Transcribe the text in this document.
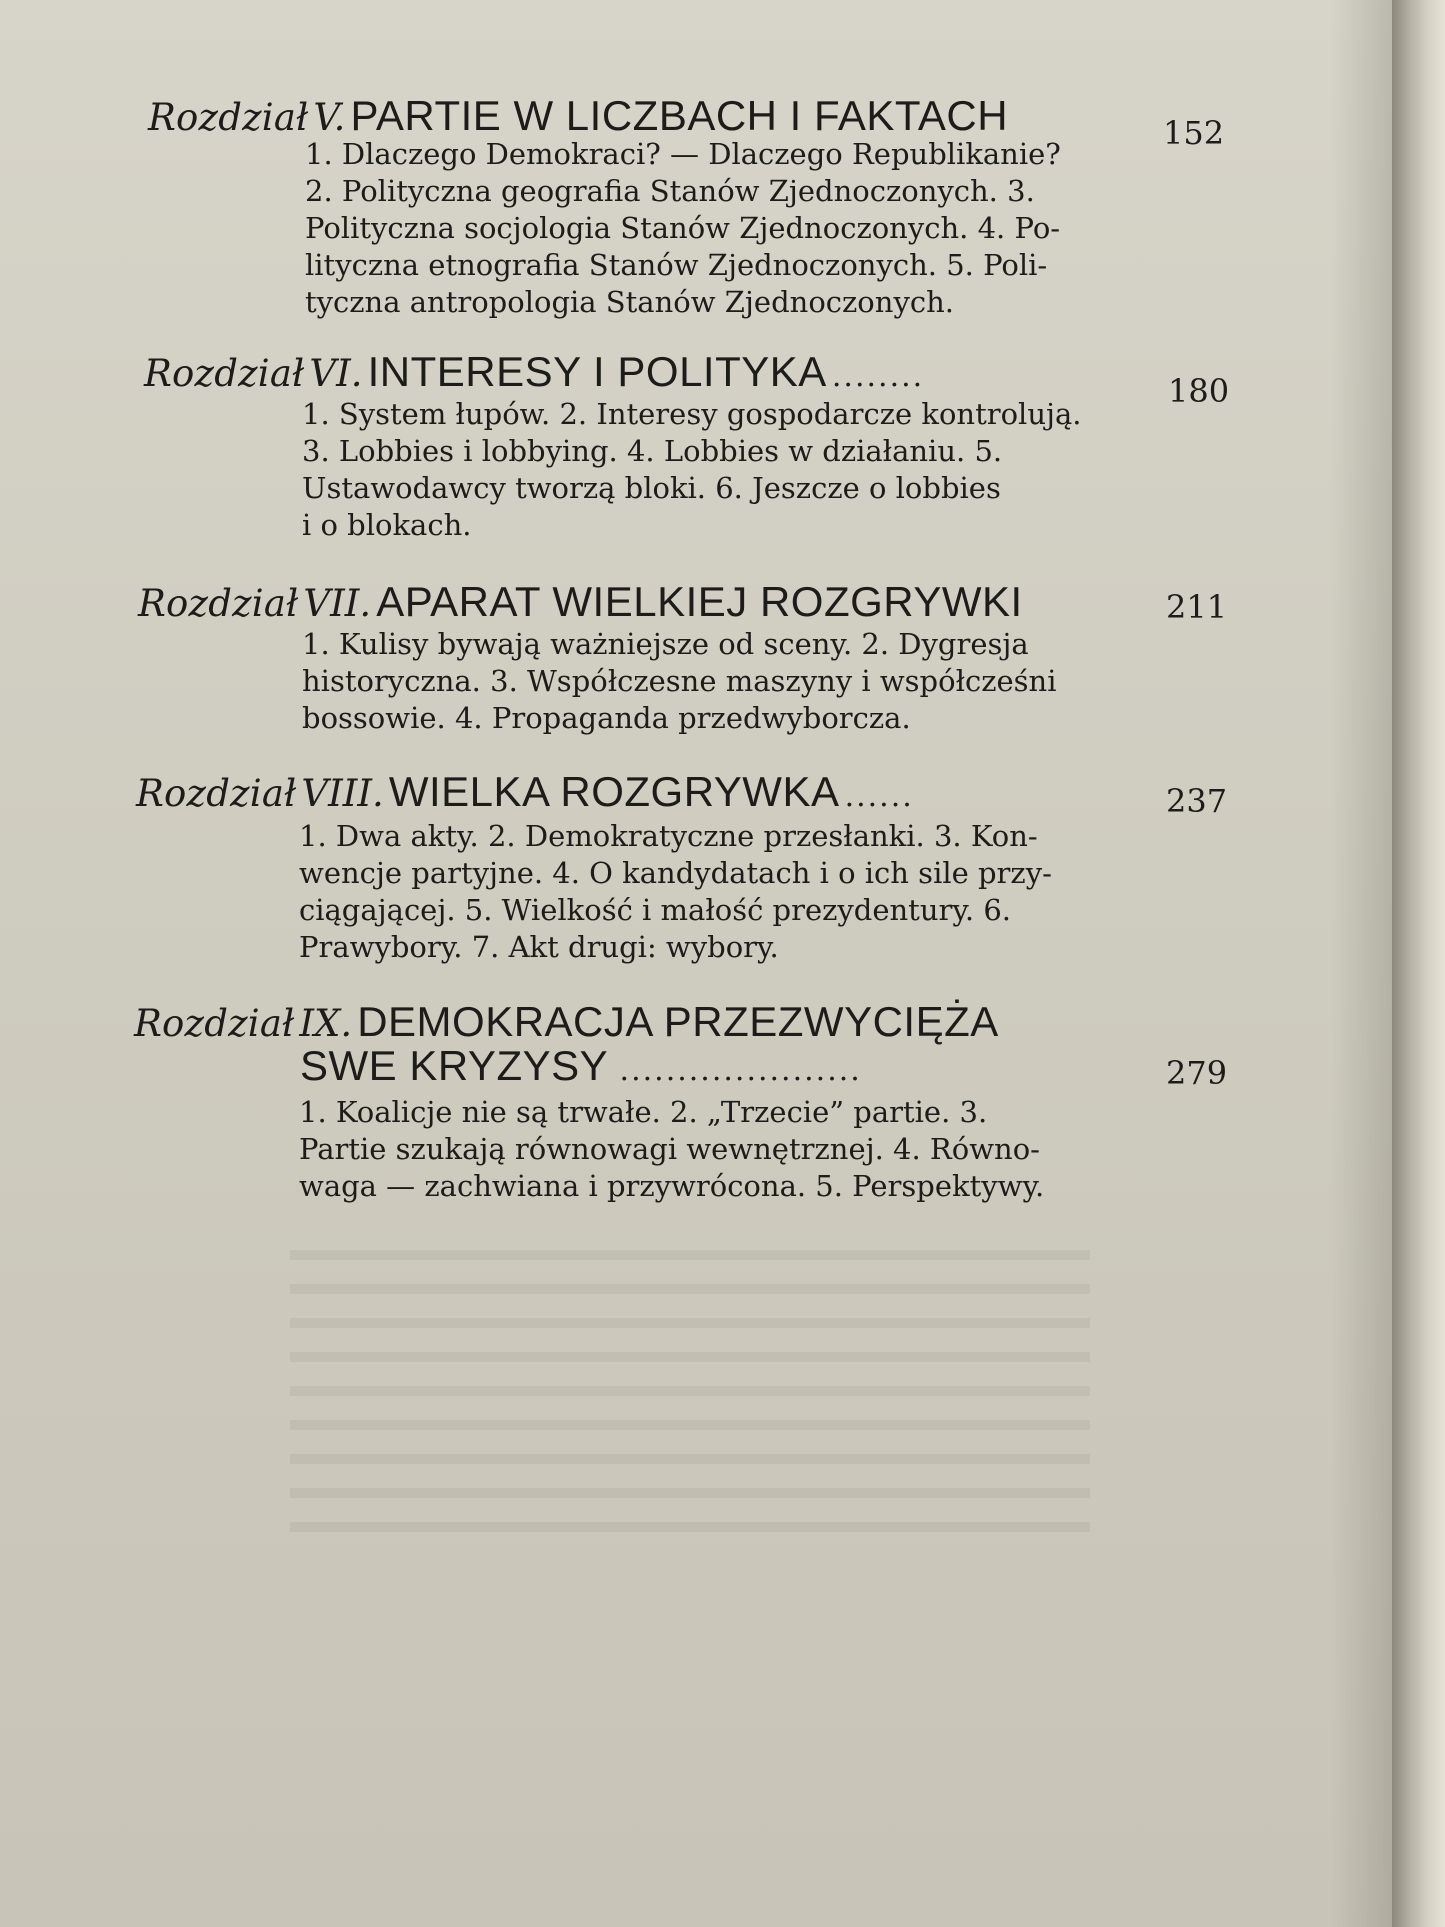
Rozdział V. PARTIE W LICZBACH I FAKTACH	152
1. Dlaczego Demokraci? — Dlaczego Republikanie?
2. Polityczna geografia Stanów Zjednoczonych. 3.
Polityczna socjologia Stanów Zjednoczonych. 4. Po-
lityczna etnografia Stanów Zjednoczonych. 5. Poli-
tyczna antropologia Stanów Zjednoczonych.
Rozdział VI. INTERESY I POLITYKA ........	180
1. System łupów. 2. Interesy gospodarcze kontrolują.
3. Lobbies i lobbying. 4. Lobbies w działaniu. 5.
Ustawodawcy tworzą bloki. 6. Jeszcze o lobbies
i o blokach.
Rozdział VII. APARAT WIELKIEJ ROZGRYWKI	211
1. Kulisy bywają ważniejsze od sceny. 2. Dygresja
historyczna. 3. Współczesne maszyny i współcześni
bossowie. 4. Propaganda przedwyborcza.
Rozdział VIII. WIELKA ROZGRYWKA ......	237
1. Dwa akty. 2. Demokratyczne przesłanki. 3. Kon-
wencje partyjne. 4. O kandydatach i o ich sile przy-
ciągającej. 5. Wielkość i małość prezydentury. 6.
Prawybory. 7. Akt drugi: wybory.
Rozdział IX. DEMOKRACJA PRZEZWYCIĘŻA
SWE KRYZYSY .....................	279
1. Koalicje nie są trwałe. 2. „Trzecie” partie. 3.
Partie szukają równowagi wewnętrznej. 4. Równo-
waga — zachwiana i przywrócona. 5. Perspektywy.
